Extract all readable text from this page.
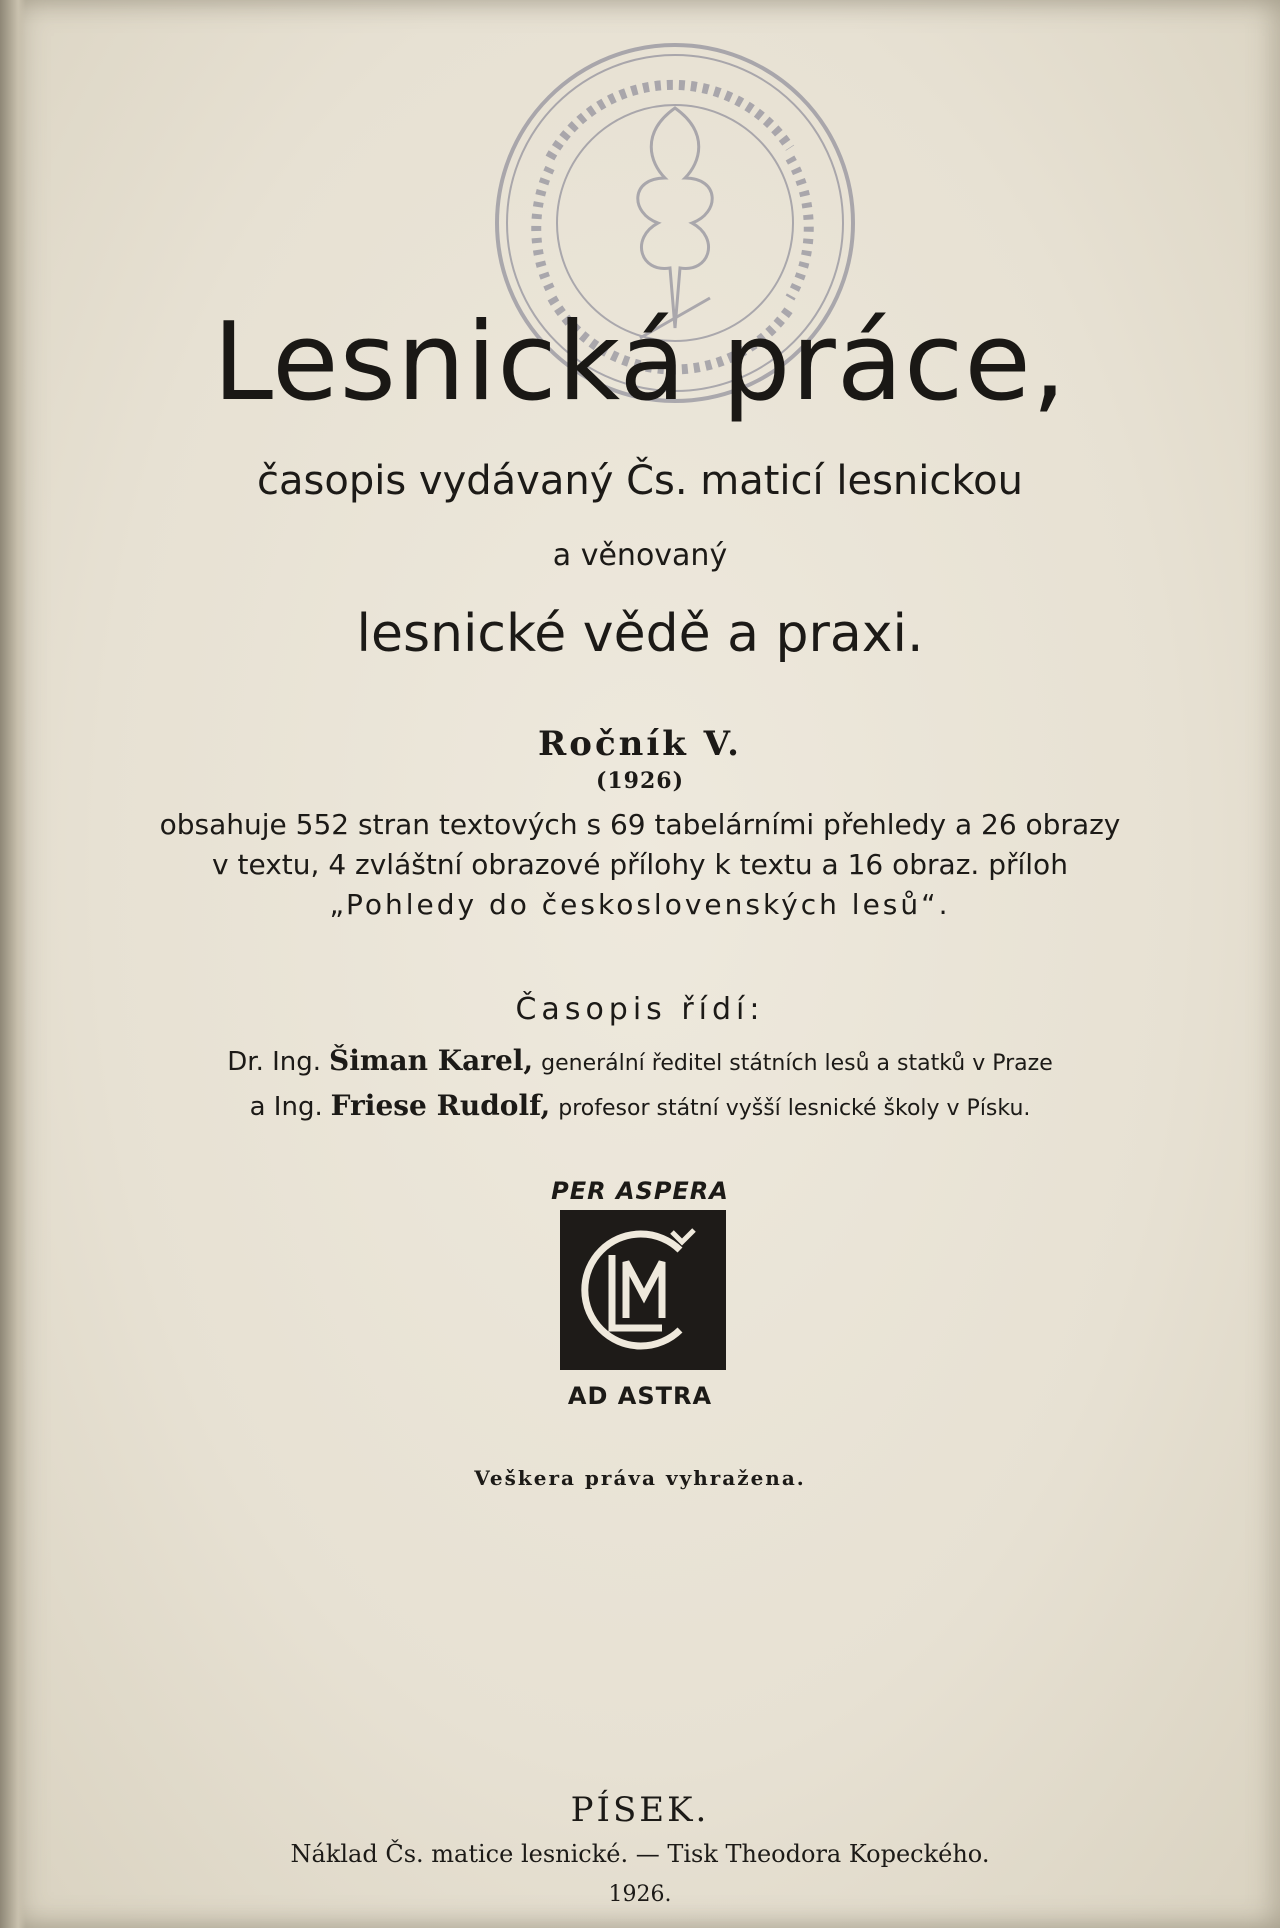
Lesnická práce,
časopis vydávaný Čs. maticí lesnickou
a věnovaný
lesnické vědě a praxi.
Ročník V.
(1926)
obsahuje 552 stran textových s 69 tabelárními přehledy a 26 obrazy
v textu, 4 zvláštní obrazové přílohy k textu a 16 obraz. příloh
„Pohledy do československých lesů“.
Časopis řídí:
Dr. Ing. Šiman Karel, generální ředitel státních lesů a statků v Praze
a Ing. Friese Rudolf, profesor státní vyšší lesnické školy v Písku.
PER ASPERA
AD ASTRA
Veškera práva vyhražena.
PÍSEK.
Náklad Čs. matice lesnické. — Tisk Theodora Kopeckého.
1926.
